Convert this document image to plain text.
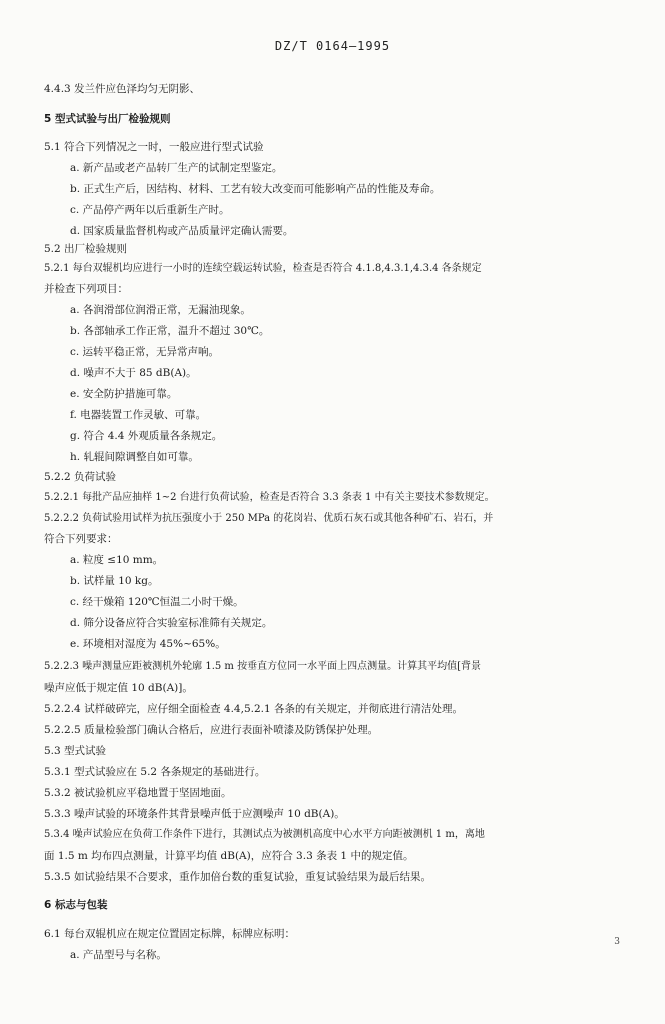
DZ/T 0164—1995
4.4.3 发兰件应色泽均匀无阴影、
5 型式试验与出厂检验规则
5.1 符合下列情况之一时，一般应进行型式试验
a. 新产品或老产品转厂生产的试制定型鉴定。
b. 正式生产后，因结构、材料、工艺有较大改变而可能影响产品的性能及寿命。
c. 产品停产两年以后重新生产时。
d. 国家质量监督机构或产品质量评定确认需要。
5.2 出厂检验规则
5.2.1 每台双辊机均应进行一小时的连续空载运转试验，检查是否符合 4.1.8,4.3.1,4.3.4 各条规定
并检查下列项目：
a. 各润滑部位润滑正常，无漏油现象。
b. 各部轴承工作正常，温升不超过 30℃。
c. 运转平稳正常，无异常声响。
d. 噪声不大于 85 dB(A)。
e. 安全防护措施可靠。
f. 电器装置工作灵敏、可靠。
g. 符合 4.4 外观质量各条规定。
h. 轧辊间隙调整自如可靠。
5.2.2 负荷试验
5.2.2.1 每批产品应抽样 1~2 台进行负荷试验，检查是否符合 3.3 条表 1 中有关主要技术参数规定。
5.2.2.2 负荷试验用试样为抗压强度小于 250 MPa 的花岗岩、优质石灰石或其他各种矿石、岩石，并
符合下列要求：
a. 粒度 ≤10 mm。
b. 试样量 10 kg。
c. 经干燥箱 120℃恒温二小时干燥。
d. 筛分设备应符合实验室标准筛有关规定。
e. 环境相对湿度为 45%~65%。
5.2.2.3 噪声测量应距被测机外轮廓 1.5 m 按垂直方位同一水平面上四点测量。计算其平均值[背景
噪声应低于规定值 10 dB(A)]。
5.2.2.4 试样破碎完，应仔细全面检查 4.4,5.2.1 各条的有关规定，并彻底进行清洁处理。
5.2.2.5 质量检验部门确认合格后，应进行表面补喷漆及防锈保护处理。
5.3 型式试验
5.3.1 型式试验应在 5.2 各条规定的基础进行。
5.3.2 被试验机应平稳地置于坚固地面。
5.3.3 噪声试验的环境条件其背景噪声低于应测噪声 10 dB(A)。
5.3.4 噪声试验应在负荷工作条件下进行，其测试点为被测机高度中心水平方向距被测机 1 m，离地
面 1.5 m 均布四点测量，计算平均值 dB(A)，应符合 3.3 条表 1 中的规定值。
5.3.5 如试验结果不合要求，重作加倍台数的重复试验，重复试验结果为最后结果。
6 标志与包装
6.1 每台双辊机应在规定位置固定标牌，标牌应标明：
a. 产品型号与名称。
3
